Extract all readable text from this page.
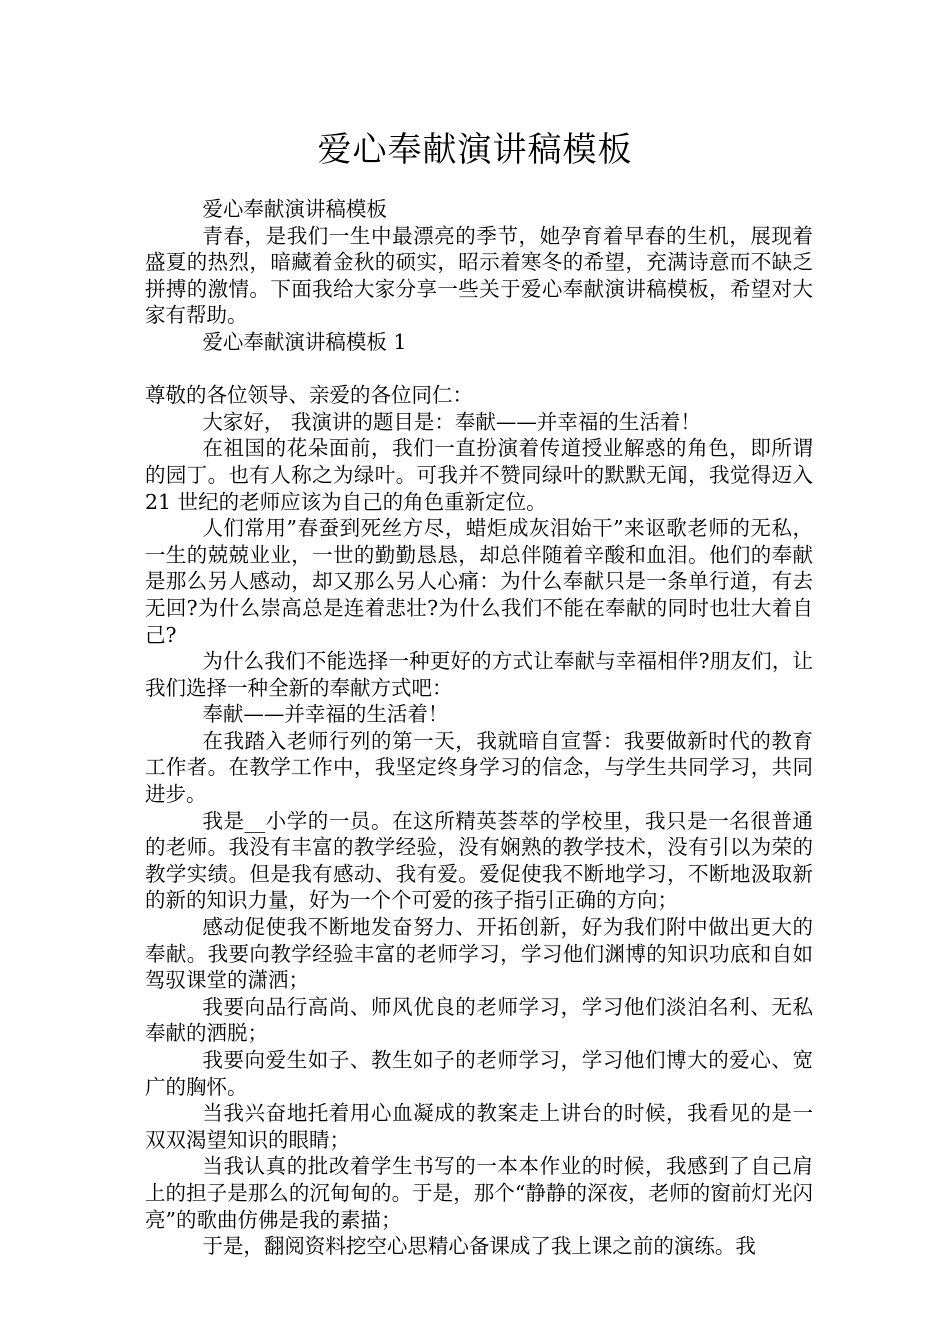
爱心奉献演讲稿模板

爱心奉献演讲稿模板

青春，是我们一生中最漂亮的季节，她孕育着早春的生机，展现着盛夏的热烈，暗藏着金秋的硕实，昭示着寒冬的希望，充满诗意而不缺乏拼搏的激情。下面我给大家分享一些关于爱心奉献演讲稿模板，希望对大家有帮助。

爱心奉献演讲稿模板 1

尊敬的各位领导、亲爱的各位同仁：

大家好， 我演讲的题目是：奉献——并幸福的生活着！

在祖国的花朵面前，我们一直扮演着传道授业解惑的角色，即所谓的园丁。也有人称之为绿叶。可我并不赞同绿叶的默默无闻，我觉得迈入 21 世纪的老师应该为自己的角色重新定位。

人们常用”春蚕到死丝方尽，蜡炬成灰泪始干”来讴歌老师的无私，一生的兢兢业业，一世的勤勤恳恳，却总伴随着辛酸和血泪。他们的奉献是那么另人感动，却又那么另人心痛：为什么奉献只是一条单行道，有去无回?为什么崇高总是连着悲壮?为什么我们不能在奉献的同时也壮大着自己?

为什么我们不能选择一种更好的方式让奉献与幸福相伴?朋友们，让我们选择一种全新的奉献方式吧：

奉献——并幸福的生活着！

在我踏入老师行列的第一天，我就暗自宣誓：我要做新时代的教育工作者。在教学工作中，我坚定终身学习的信念，与学生共同学习，共同进步。

我是__小学的一员。在这所精英荟萃的学校里，我只是一名很普通的老师。我没有丰富的教学经验，没有娴熟的教学技术，没有引以为荣的教学实绩。但是我有感动、我有爱。爱促使我不断地学习，不断地汲取新的新的知识力量，好为一个个可爱的孩子指引正确的方向；

感动促使我不断地发奋努力、开拓创新，好为我们附中做出更大的奉献。我要向教学经验丰富的老师学习，学习他们渊博的知识功底和自如驾驭课堂的潇洒；

我要向品行高尚、师风优良的老师学习，学习他们淡泊名利、无私奉献的洒脱；

我要向爱生如子、教生如子的老师学习，学习他们博大的爱心、宽广的胸怀。

当我兴奋地托着用心血凝成的教案走上讲台的时候，我看见的是一双双渴望知识的眼睛；

当我认真的批改着学生书写的一本本作业的时候，我感到了自己肩上的担子是那么的沉甸甸的。于是，那个“静静的深夜，老师的窗前灯光闪亮”的歌曲仿佛是我的素描；

于是，翻阅资料挖空心思精心备课成了我上课之前的演练。我
